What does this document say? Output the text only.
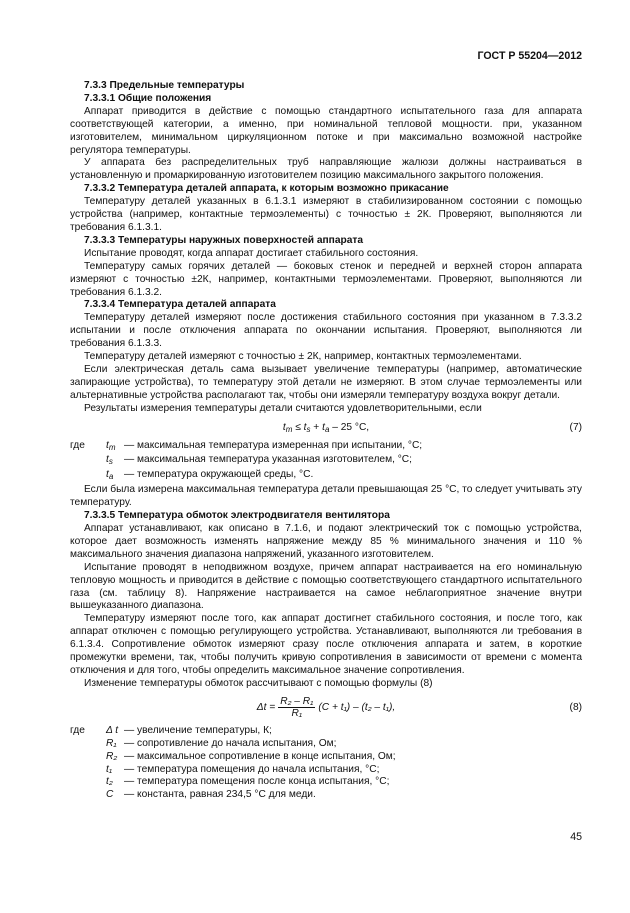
ГОСТ Р 55204—2012
7.3.3 Предельные температуры
7.3.3.1 Общие положения

Аппарат приводится в действие с помощью стандартного испытательного газа для аппарата соответствующей категории, а именно, при номинальной тепловой мощности. при, указанном изготовителем, минимальном циркуляционном потоке и при максимально возможной настройке регулятора температуры.

У аппарата без распределительных труб направляющие жалюзи должны настраиваться в установленную и промаркированную изготовителем позицию максимального закрытого положения.

7.3.3.2 Температура деталей аппарата, к которым возможно прикасание

Температуру деталей указанных в 6.1.3.1 измеряют в стабилизированном состоянии с помощью устройства (например, контактные термоэлементы) с точностью ± 2К. Проверяют, выполняются ли требования 6.1.3.1.

7.3.3.3 Температуры наружных поверхностей аппарата

Испытание проводят, когда аппарат достигает стабильного состояния.

Температуру самых горячих деталей — боковых стенок и передней и верхней сторон аппарата измеряют с точностью ±2К, например, контактными термоэлементами. Проверяют, выполняются ли требования 6.1.3.2.

7.3.3.4 Температура деталей аппарата

Температуру деталей измеряют после достижения стабильного состояния при указанном в 7.3.3.2 испытании и после отключения аппарата по окончании испытания. Проверяют, выполняются ли требования 6.1.3.3.

Температуру деталей измеряют с точностью ± 2К, например, контактных термоэлементами.

Если электрическая деталь сама вызывает увеличение температуры (например, автоматические запирающие устройства), то температуру этой детали не измеряют. В этом случае термоэлементы или альтернативные устройства располагают так, чтобы они измеряли температуру воздуха вокруг детали.

Результаты измерения температуры детали считаются удовлетворительными, если

$t_m \le t_s + t_a - 25$ °С,	(7)
где	$t_m$ — максимальная температура измеренная при испытании, °С;
$t_s$	— максимальная температура указанная изготовителем, °С;
$t_a$	— температура окружающей среды, °С.

Если была измерена максимальная температура детали превышающая 25 °С, то следует учитывать эту температуру.

7.3.3.5 Температура обмоток электродвигателя вентилятора

Аппарат устанавливают, как описано в 7.1.6, и подают электрический ток с помощью устройства, которое дает возможность изменять напряжение между 85 % минимального значения и 110 % максимального значения диапазона напряжений, указанного изготовителем.

Испытание проводят в неподвижном воздухе, причем аппарат настраивается на его номинальную тепловую мощность и приводится в действие с помощью соответствующего стандартного испытательного газа (см. таблицу 8). Напряжение настраивается на самое неблагоприятное значение внутри вышеуказанного диапазона.

Температуру измеряют после того, как аппарат достигнет стабильного состояния, и после того, как аппарат отключен с помощью регулирующего устройства. Устанавливают, выполняются ли требования в 6.1.3.4. Сопротивление обмоток измеряют сразу после отключения аппарата и затем, в короткие промежутки времени, так, чтобы получить кривую сопротивления в зависимости от времени с момента отключения и для того, чтобы определить максимальное значение сопротивления.

Изменение температуры обмоток рассчитывают с помощью формулы (8)

$\Delta t = \frac{\text{R₂ – R₁}}{\text{R₁}} (C + t_1) - (t_2 - t_1)$,	(8)
где	Δ t — увеличение температуры, К;
R₁ — сопротивление до начала испытания, Ом;
R₂ — максимальное сопротивление в конце испытания, Ом;
t₁	— температура помещения до начала испытания, °С;
t₂	— температура помещения после конца испытания, °С;
C	— константа, равная 234,5 °С для меди.
45
